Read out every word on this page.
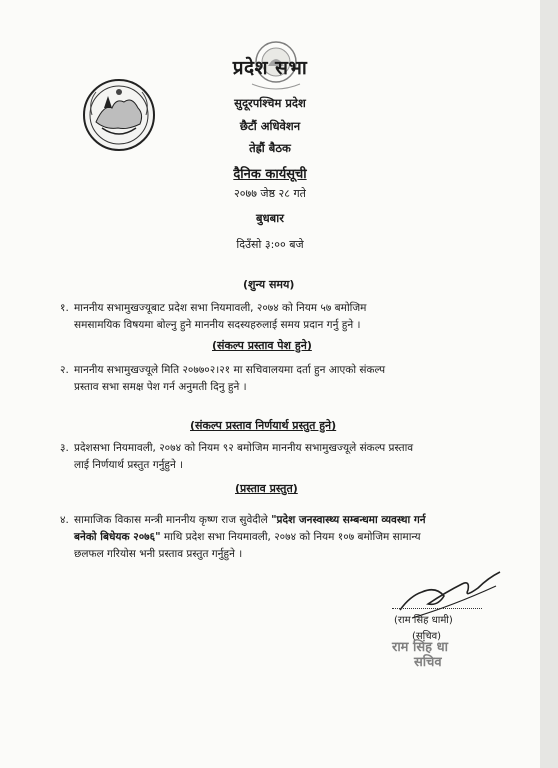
प्रदेश सभा
सुदूरपश्चिम प्रदेश
छैटौं अधिवेशन
तेह्रौं बैठक
दैनिक कार्यसूची
२०७७ जेष्ठ २८ गते
बुधबार
दिउँसो ३:०० बजे
(शुन्य समय)
१. माननीय सभामुखज्यूबाट प्रदेश सभा नियमावली, २०७४ को नियम ५७ बमोजिम
समसामयिक विषयमा बोल्नु हुने माननीय सदस्यहरुलाई समय प्रदान गर्नु हुने ।
(संकल्प प्रस्ताव पेश हुने)
२. माननीय सभामुखज्यूले मिति २०७७०२।२१ मा सचिवालयमा दर्ता हुन आएको संकल्प
प्रस्ताव सभा समक्ष पेश गर्न अनुमती दिनु हुने ।
(संकल्प प्रस्ताव निर्णयार्थ प्रस्तुत हुने)
३. प्रदेशसभा नियमावली, २०७४ को नियम ९२ बमोजिम माननीय सभामुखज्यूले संकल्प प्रस्ताव
लाई निर्णयार्थ प्रस्तुत गर्नुहुने ।
(प्रस्ताव प्रस्तुत)
४. सामाजिक विकास मन्त्री माननीय कृष्ण राज सुवेदीले "प्रदेश जनस्वास्थ्य सम्बन्धमा व्यवस्था गर्न
बनेको बिधेयक २०७६" माथि प्रदेश सभा नियमावली, २०७४ को नियम १०७ बमोजिम सामान्य
छलफल गरियोस भनी प्रस्ताव प्रस्तुत गर्नुहुने ।
(राम सिंह धामी)
(सचिव)
राम सिंह धा
सचिव
